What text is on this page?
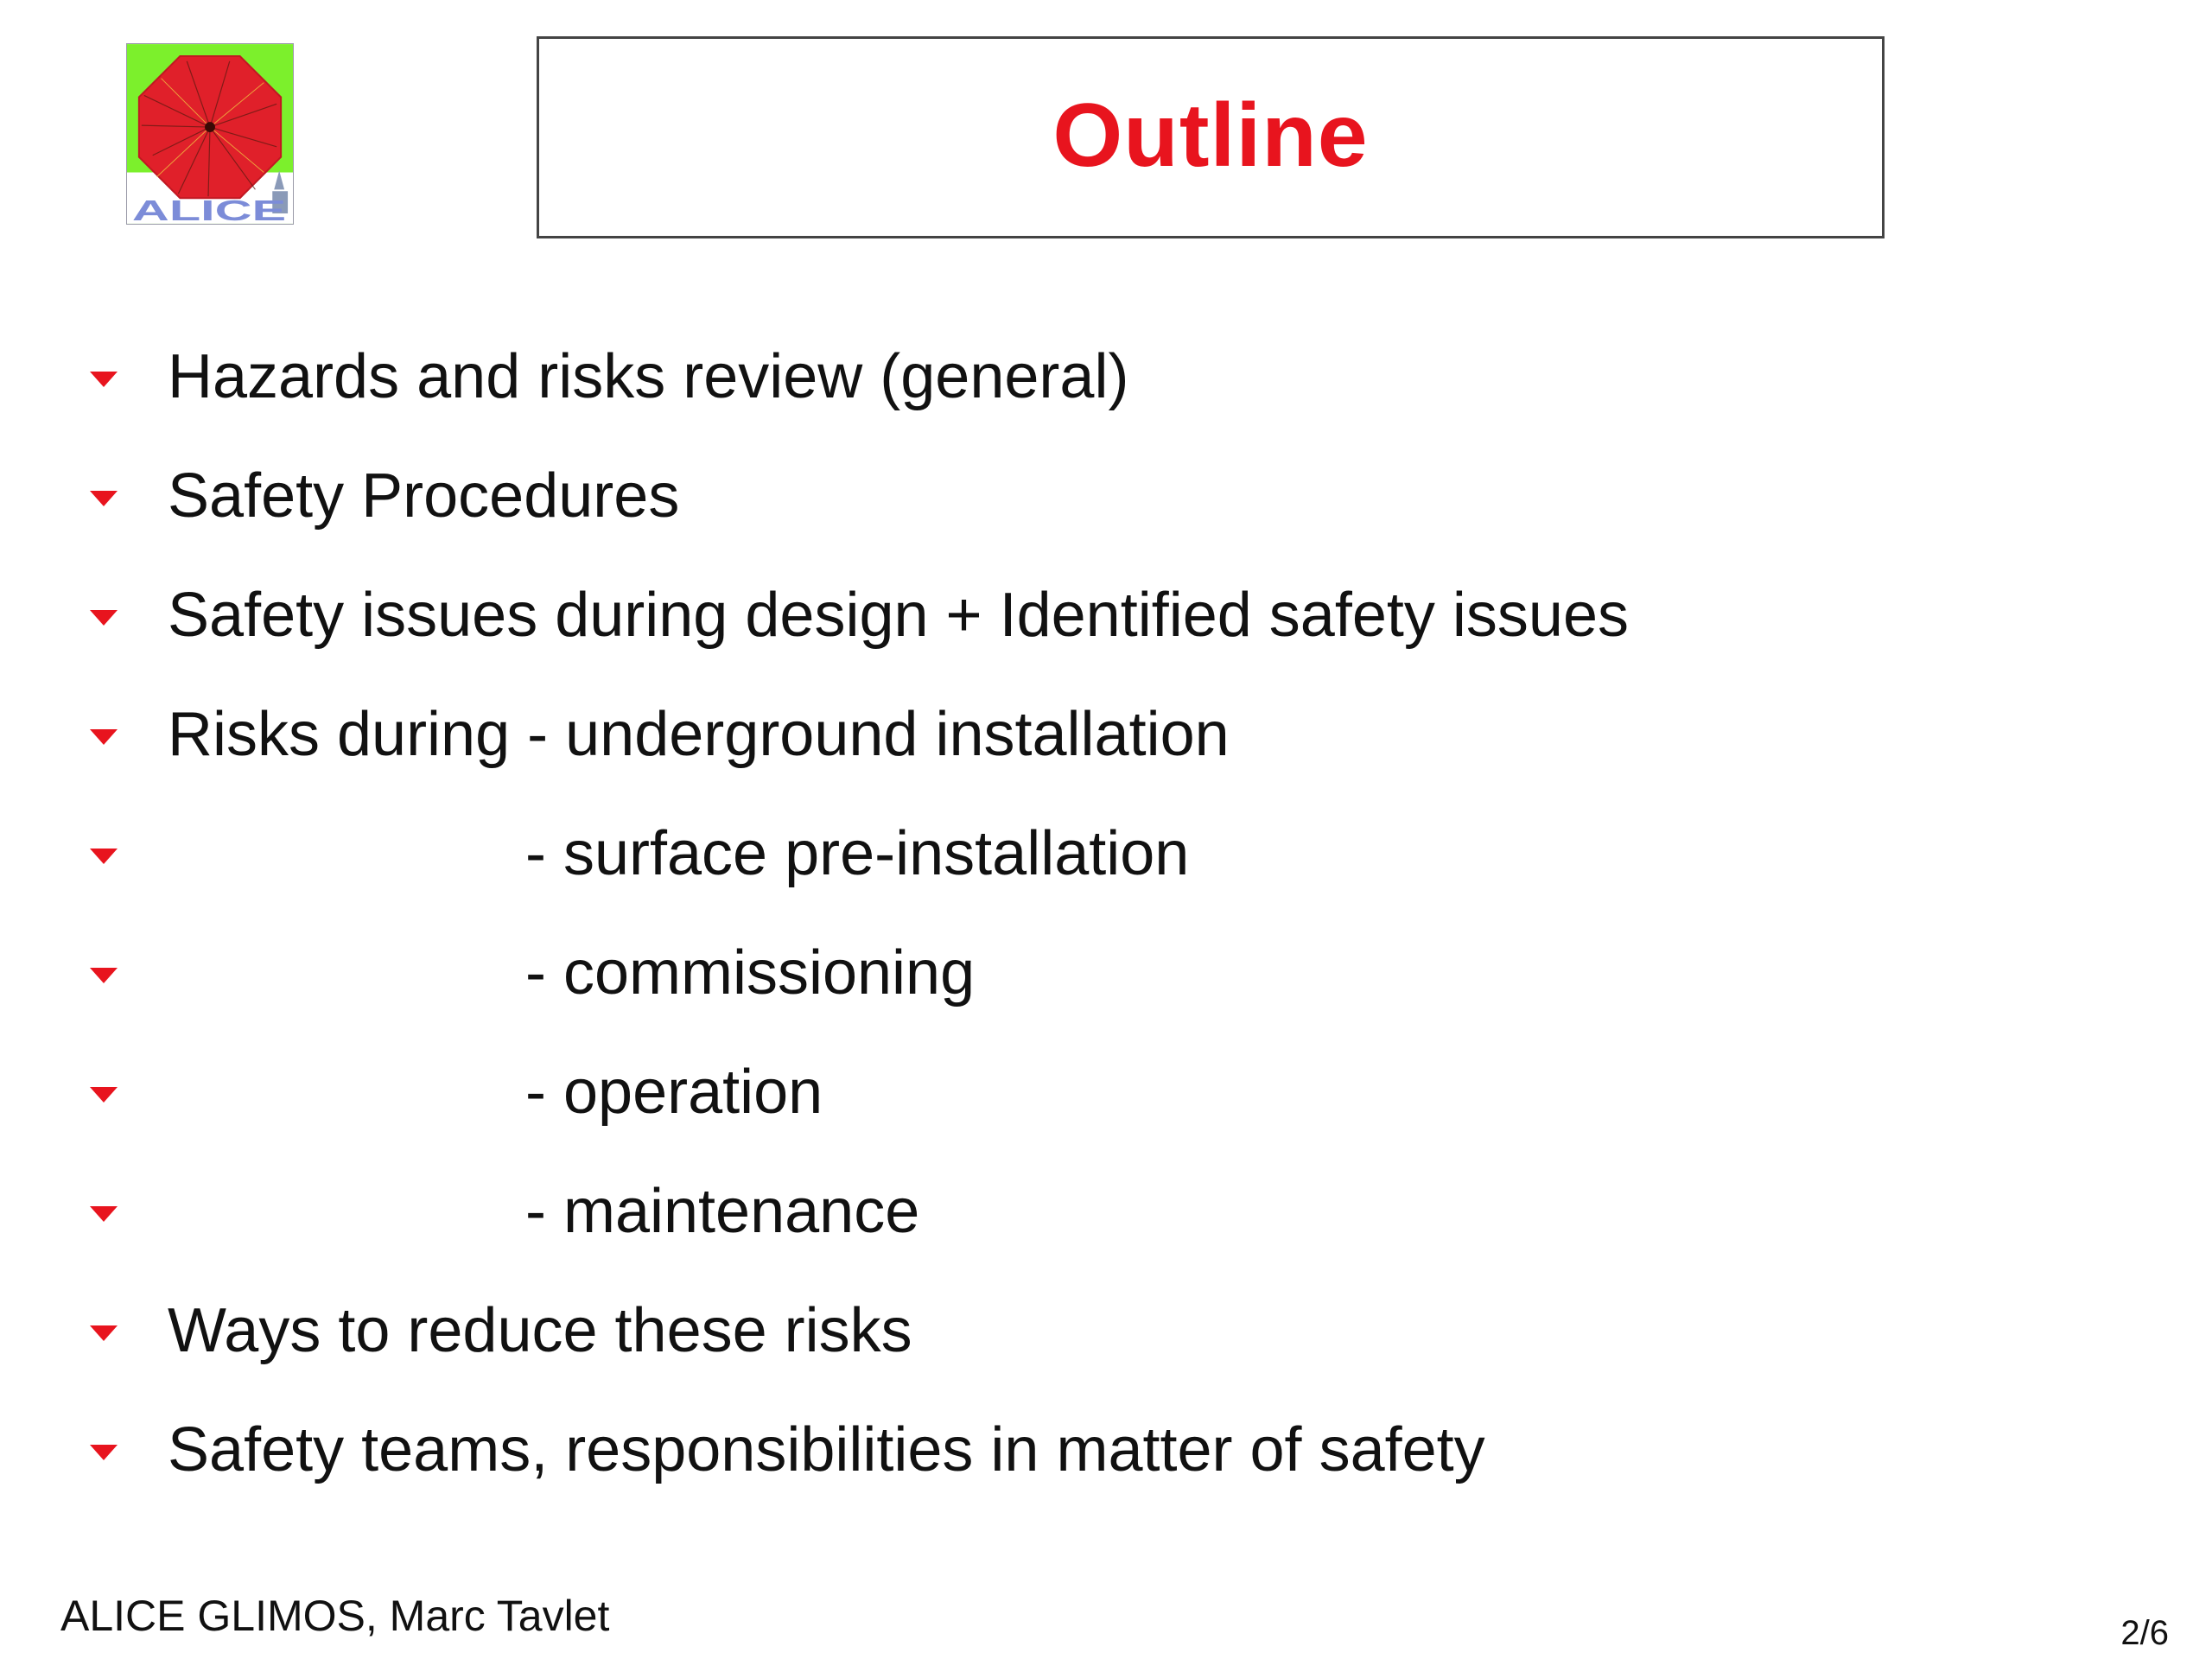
ALICE
Outline
Hazards and risks review (general)
Safety Procedures
Safety issues during design + Identified safety issues
Risks during - underground installation
- surface pre-installation
- commissioning
- operation
- maintenance
Ways to reduce these risks
Safety teams, responsibilities in matter of safety
ALICE GLIMOS, Marc Tavlet	2/6
